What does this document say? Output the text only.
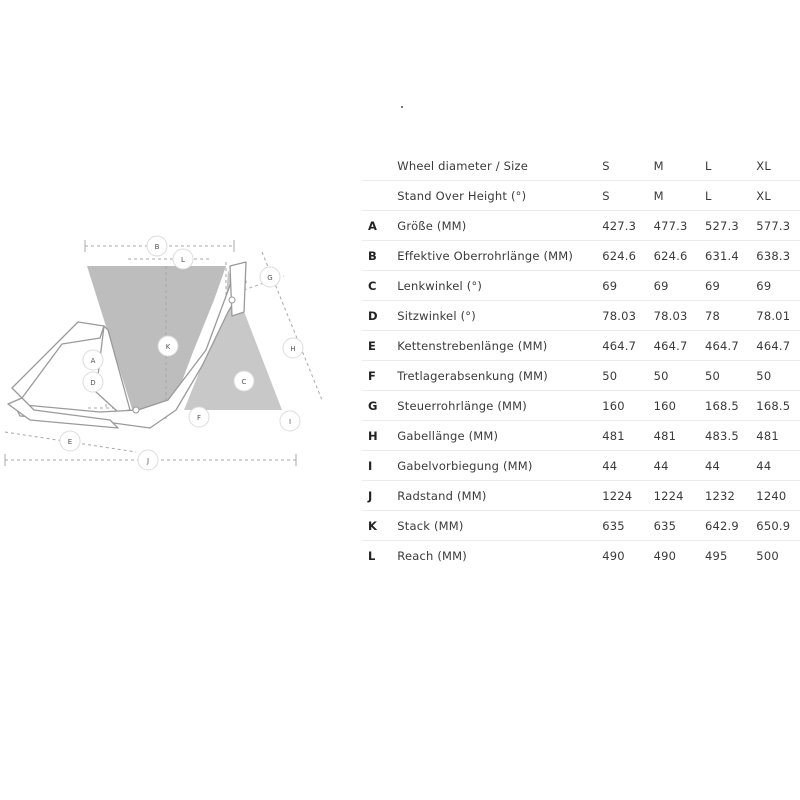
A
B
C
D
E
F
G
H
I
J
K
L
	Wheel diameter / Size	S	M	L	XL
	Stand Over Height (°)	S	M	L	XL
A	Größe (MM)	427.3	477.3	527.3	577.3
B	Effektive Oberrohrlänge (MM)	624.6	624.6	631.4	638.3
C	Lenkwinkel (°)	69	69	69	69
D	Sitzwinkel (°)	78.03	78.03	78	78.01
E	Kettenstrebenlänge (MM)	464.7	464.7	464.7	464.7
F	Tretlagerabsenkung (MM)	50	50	50	50
G	Steuerrohrlänge (MM)	160	160	168.5	168.5
H	Gabellänge (MM)	481	481	483.5	481
I	Gabelvorbiegung (MM)	44	44	44	44
J	Radstand (MM)	1224	1224	1232	1240
K	Stack (MM)	635	635	642.9	650.9
L	Reach (MM)	490	490	495	500
